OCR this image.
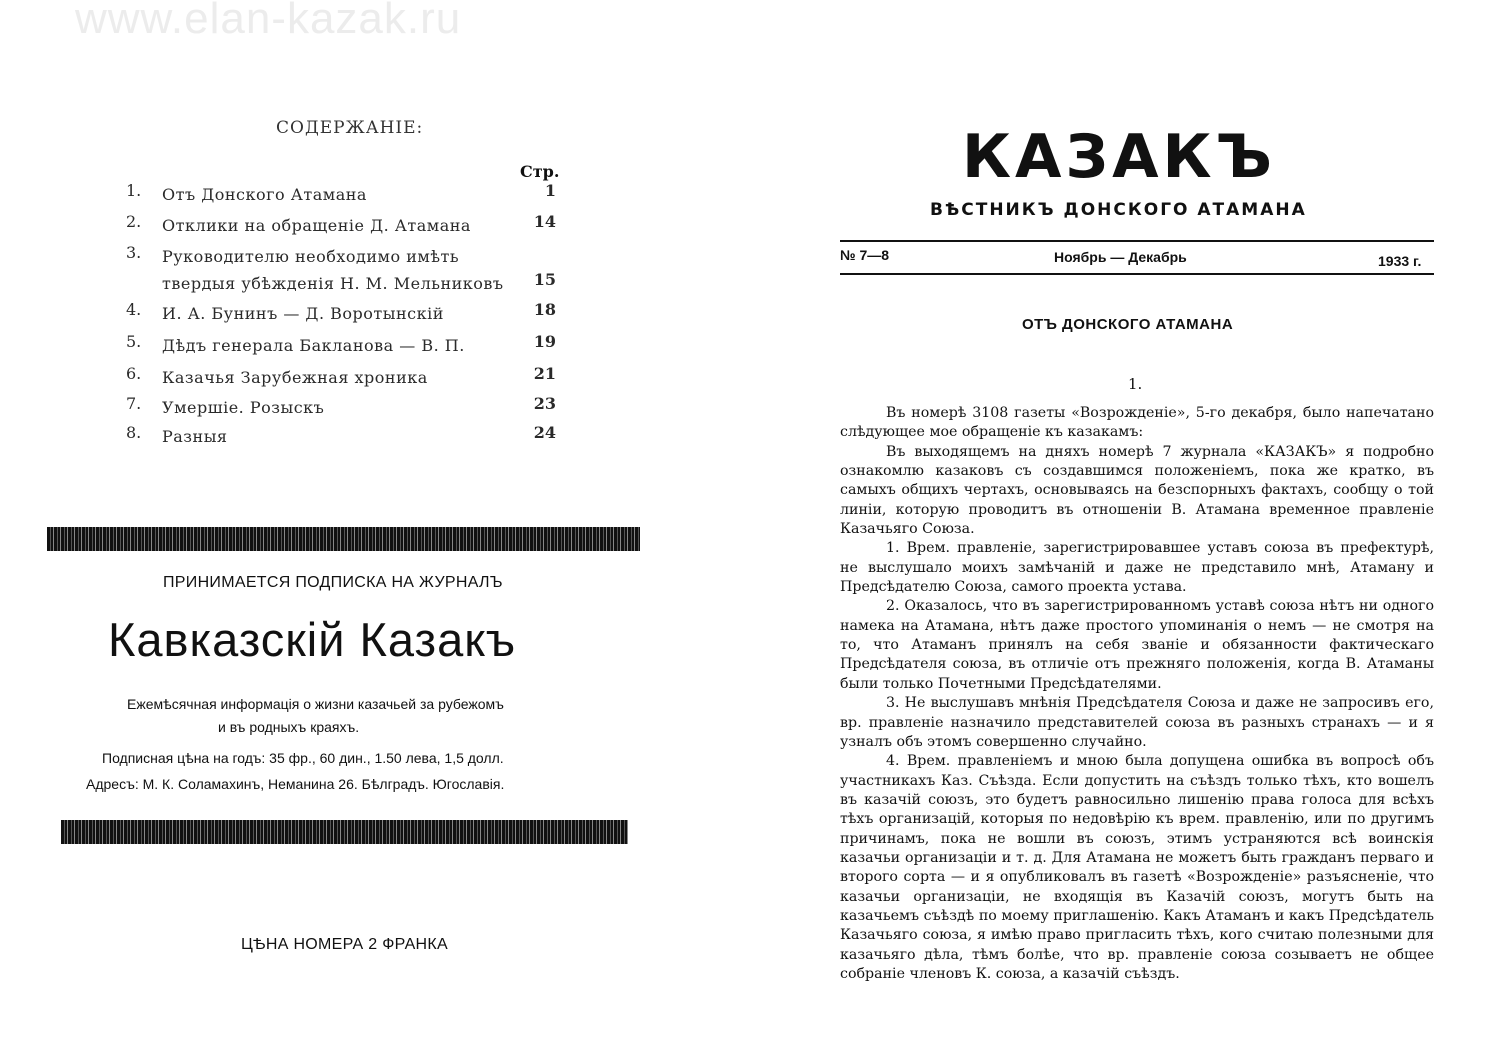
www.elan-kazak.ru
СОДЕРЖАНІЕ:
Стр.
1. Отъ Донского Атамана	1
2. Отклики на обращеніе Д. Атамана	14
3. Руководителю необходимо имѣть твердыя убѣжденія Н. М. Мельниковъ	15
4. И. А. Бунинъ — Д. Воротынскій	18
5. Дѣдъ генерала Бакланова — В. П.	19
6. Казачья Зарубежная хроника	21
7. Умершіе. Розыскъ	23
8. Разныя	24
ПРИНИМАЕТСЯ ПОДПИСКА НА ЖУРНАЛЪ
Кавказскій Казакъ
Ежемѣсячная информація о жизни казачьей за рубежомъ
и въ родныхъ краяхъ.
Подписная цѣна на годъ: 35 фр., 60 дин., 1.50 лева, 1,5 долл.
Адресъ: М. К. Соламахинъ, Неманина 26. Бѣлградъ. Югославія.
ЦѢНА НОМЕРА 2 ФРАНКА
КАЗАКЪ
ВѢСТНИКЪ ДОНСКОГО АТАМАНА
№ 7—8	Ноябрь — Декабрь	1933 г.
ОТЪ ДОНСКОГО АТАМАНА
1.

Въ номерѣ 3108 газеты «Возрожденіе», 5-го декабря, было напечатано слѣдующее мое обращеніе къ казакамъ:

Въ выходящемъ на дняхъ номерѣ 7 журнала «КАЗАКЪ» я подробно ознакомлю казаковъ съ создавшимся положеніемъ, пока же кратко, въ самыхъ общихъ чертахъ, основываясь на безспорныхъ фактахъ, сообщу о той линіи, которую проводитъ въ отношеніи В. Атамана временное правленіе Казачьяго Союза.

1. Врем. правленіе, зарегистрировавшее уставъ союза въ префектурѣ, не выслушало моихъ замѣчаній и даже не представило мнѣ, Атаману и Предсѣдателю Союза, самого проекта устава.

2. Оказалось, что въ зарегистрированномъ уставѣ союза нѣтъ ни одного намека на Атамана, нѣтъ даже простого упоминанія о немъ — не смотря на то, что Атаманъ принялъ на себя званіе и обязанности фактическаго Предсѣдателя союза, въ отличіе отъ прежняго положенія, когда В. Атаманы были только Почетными Предсѣдателями.

3. Не выслушавъ мнѣнія Предсѣдателя Союза и даже не запросивъ его, вр. правленіе назначило представителей союза въ разныхъ странахъ — и я узналъ объ этомъ совершенно случайно.

4. Врем. правленіемъ и мною была допущена ошибка въ вопросѣ объ участникахъ Каз. Съѣзда. Если допустить на съѣздъ только тѣхъ, кто вошелъ въ казачій союзъ, это будетъ равносильно лишенію права голоса для всѣхъ тѣхъ организацій, которыя по недовѣрію къ врем. правленію, или по другимъ причинамъ, пока не вошли въ союзъ, этимъ устраняются всѣ воинскія казачьи организаціи и т. д. Для Атамана не можетъ быть гражданъ перваго и второго сорта — и я опубликовалъ въ газетѣ «Возрожденіе» разъясненіе, что казачьи организаціи, не входящія въ Казачій союзъ, могутъ быть на казачьемъ съѣздѣ по моему приглашенію. Какъ Атаманъ и какъ Предсѣдатель Казачьяго союза, я имѣю право пригласить тѣхъ, кого считаю полезными для казачьяго дѣла, тѣмъ болѣе, что вр. правленіе союза созываетъ не общее собраніе членовъ К. союза, а казачій съѣздъ.
